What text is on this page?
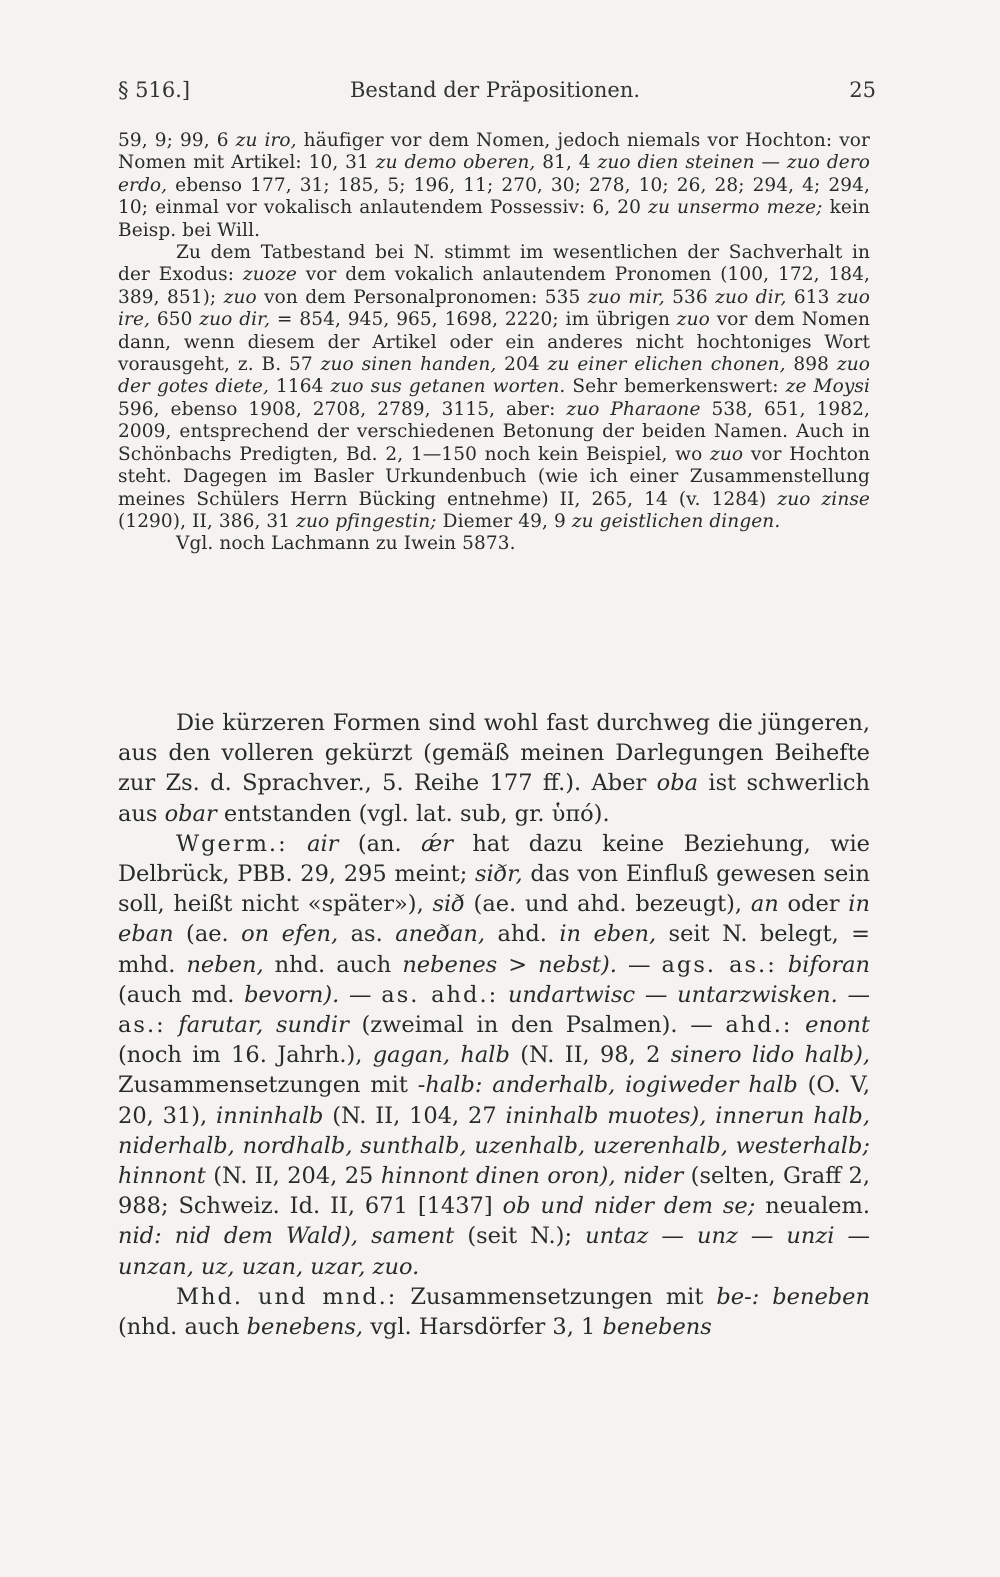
§ 516.]	Bestand der Präpositionen.	25

59, 9; 99, 6 zu iro, häufiger vor dem Nomen, jedoch niemals vor Hochton: vor Nomen mit Artikel: 10, 31 zu demo oberen, 81, 4 zuo dien steinen — zuo dero erdo, ebenso 177, 31; 185, 5; 196, 11; 270, 30; 278, 10; 26, 28; 294, 4; 294, 10; einmal vor vokalisch anlautendem Possessiv: 6, 20 zu unsermo meze; kein Beisp. bei Will.

Zu dem Tatbestand bei N. stimmt im wesentlichen der Sachverhalt in der Exodus: zuoze vor dem vokalich anlautendem Pronomen (100, 172, 184, 389, 851); zuo von dem Personalpronomen: 535 zuo mir, 536 zuo dir, 613 zuo ire, 650 zuo dir, = 854, 945, 965, 1698, 2220; im übrigen zuo vor dem Nomen dann, wenn diesem der Artikel oder ein anderes nicht hochtoniges Wort vorausgeht, z. B. 57 zuo sinen handen, 204 zu einer elichen chonen, 898 zuo der gotes diete, 1164 zuo sus getanen worten. Sehr bemerkenswert: ze Moysi 596, ebenso 1908, 2708, 2789, 3115, aber: zuo Pharaone 538, 651, 1982, 2009, entsprechend der verschiedenen Betonung der beiden Namen. Auch in Schönbachs Predigten, Bd. 2, 1—150 noch kein Beispiel, wo zuo vor Hochton steht. Dagegen im Basler Urkundenbuch (wie ich einer Zusammenstellung meines Schülers Herrn Bücking entnehme) II, 265, 14 (v. 1284) zuo zinse (1290), II, 386, 31 zuo pfingestin; Diemer 49, 9 zu geistlichen dingen.

Vgl. noch Lachmann zu Iwein 5873.

Die kürzeren Formen sind wohl fast durchweg die jüngeren, aus den volleren gekürzt (gemäß meinen Darlegungen Beihefte zur Zs. d. Sprachver., 5. Reihe 177 ff.). Aber oba ist schwerlich aus obar entstanden (vgl. lat. sub, gr. ὑπό).

Wgerm.: air (an. ǽr hat dazu keine Beziehung, wie Delbrück, PBB. 29, 295 meint; siðr, das von Einfluß gewesen sein soll, heißt nicht «später»), sið (ae. und ahd. bezeugt), an oder in eban (ae. on efen, as. aneðan, ahd. in eben, seit N. belegt, = mhd. neben, nhd. auch nebenes > nebst). — ags. as.: biforan (auch md. bevorn). — as. ahd.: undartwisc — untarzwisken. — as.: farutar, sundir (zweimal in den Psalmen). — ahd.: enont (noch im 16. Jahrh.), gagan, halb (N. II, 98, 2 sinero lido halb), Zusammensetzungen mit -halb: anderhalb, iogiweder halb (O. V, 20, 31), inninhalb (N. II, 104, 27 ininhalb muotes), innerun halb, niderhalb, nordhalb, sunthalb, uzenhalb, uzerenhalb, westerhalb; hinnont (N. II, 204, 25 hinnont dinen oron), nider (selten, Graff 2, 988; Schweiz. Id. II, 671 [1437] ob und nider dem se; neualem. nid: nid dem Wald), sament (seit N.); untaz — unz — unzi — unzan, uz, uzan, uzar, zuo.

Mhd. und mnd.: Zusammensetzungen mit be-: beneben (nhd. auch benebens, vgl. Harsdörfer 3, 1 benebens
